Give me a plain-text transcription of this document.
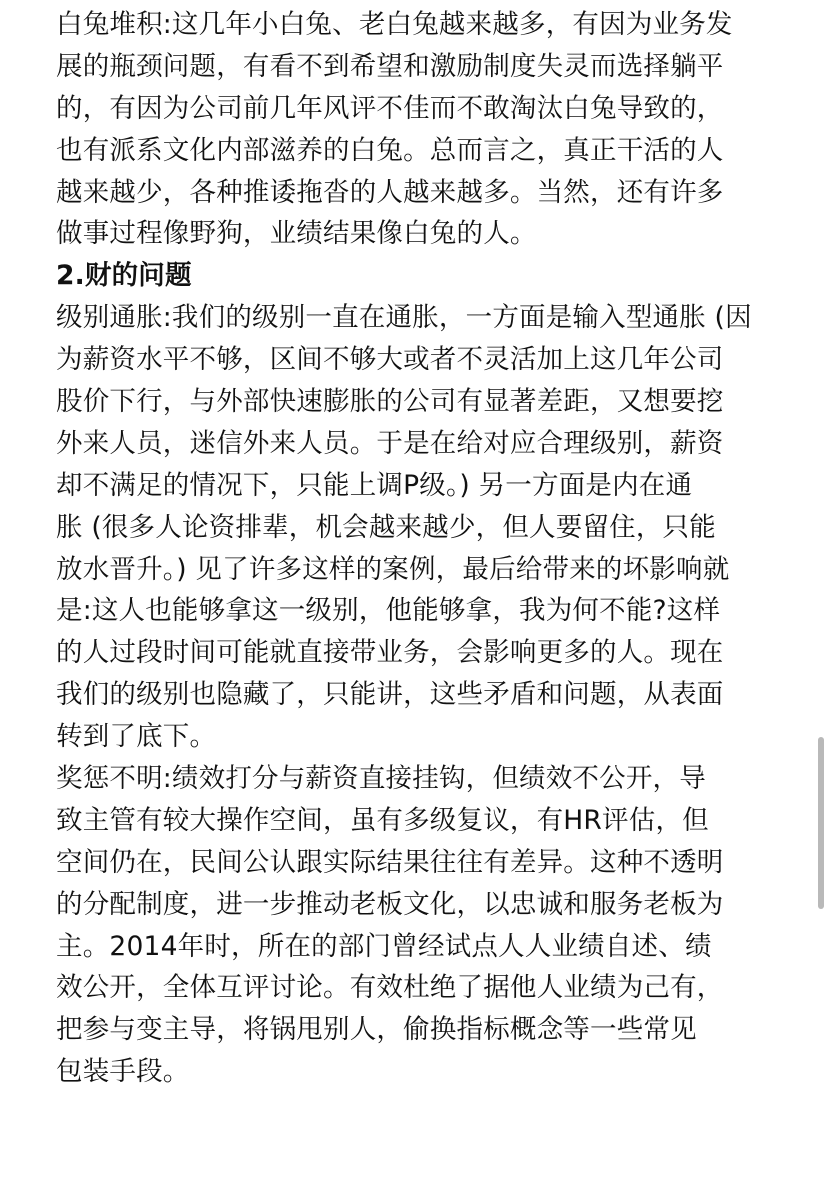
白兔堆积:这几年小白兔、老白兔越来越多，有因为业务发
展的瓶颈问题，有看不到希望和激励制度失灵而选择躺平
的，有因为公司前几年风评不佳而不敢淘汰白兔导致的，
也有派系文化内部滋养的白兔。总而言之，真正干活的人
越来越少，各种推诿拖沓的人越来越多。当然，还有许多
做事过程像野狗，业绩结果像白兔的人。
2.财的问题
级别通胀:我们的级别一直在通胀，一方面是输入型通胀 (因
为薪资水平不够，区间不够大或者不灵活加上这几年公司
股价下行，与外部快速膨胀的公司有显著差距，又想要挖
外来人员，迷信外来人员。于是在给对应合理级别，薪资
却不满足的情况下，只能上调P级。) 另一方面是内在通
胀 (很多人论资排辈，机会越来越少，但人要留住，只能
放水晋升。) 见了许多这样的案例，最后给带来的坏影响就
是:这人也能够拿这一级别，他能够拿，我为何不能?这样
的人过段时间可能就直接带业务，会影响更多的人。现在
我们的级别也隐藏了，只能讲，这些矛盾和问题，从表面
转到了底下。
奖惩不明:绩效打分与薪资直接挂钩，但绩效不公开，导
致主管有较大操作空间，虽有多级复议，有HR评估，但
空间仍在，民间公认跟实际结果往往有差异。这种不透明
的分配制度，进一步推动老板文化，以忠诚和服务老板为
主。2014年时，所在的部门曾经试点人人业绩自述、绩
效公开，全体互评讨论。有效杜绝了据他人业绩为己有，
把参与变主导，将锅甩别人，偷换指标概念等一些常见
包装手段。
